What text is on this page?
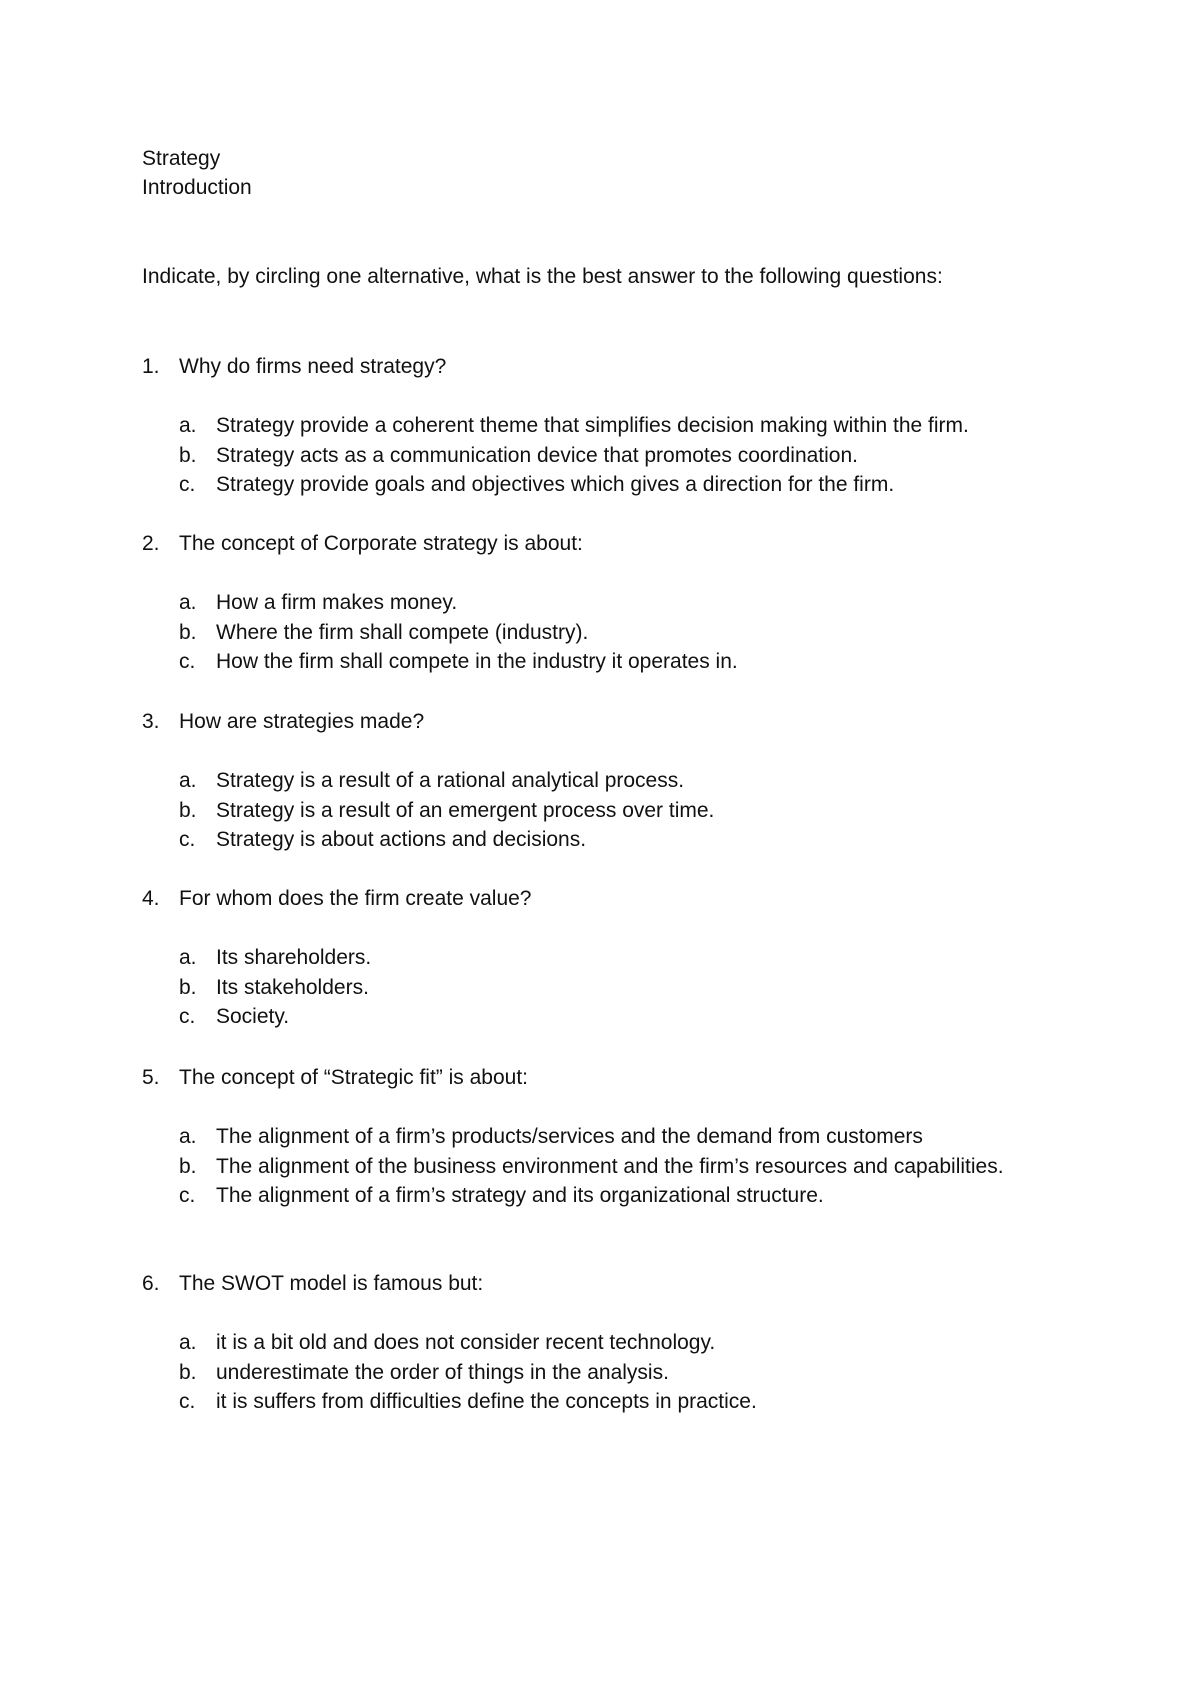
Strategy
Introduction
Indicate, by circling one alternative, what is the best answer to the following questions:
1. Why do firms need strategy?
a. Strategy provide a coherent theme that simplifies decision making within the firm.
b. Strategy acts as a communication device that promotes coordination.
c. Strategy provide goals and objectives which gives a direction for the firm.
2. The concept of Corporate strategy is about:
a. How a firm makes money.
b. Where the firm shall compete (industry).
c. How the firm shall compete in the industry it operates in.
3. How are strategies made?
a. Strategy is a result of a rational analytical process.
b. Strategy is a result of an emergent process over time.
c. Strategy is about actions and decisions.
4. For whom does the firm create value?
a. Its shareholders.
b. Its stakeholders.
c. Society.
5. The concept of “Strategic fit” is about:
a. The alignment of a firm’s products/services and the demand from customers
b. The alignment of the business environment and the firm’s resources and capabilities.
c. The alignment of a firm’s strategy and its organizational structure.
6. The SWOT model is famous but:
a. it is a bit old and does not consider recent technology.
b. underestimate the order of things in the analysis.
c. it is suffers from difficulties define the concepts in practice.
